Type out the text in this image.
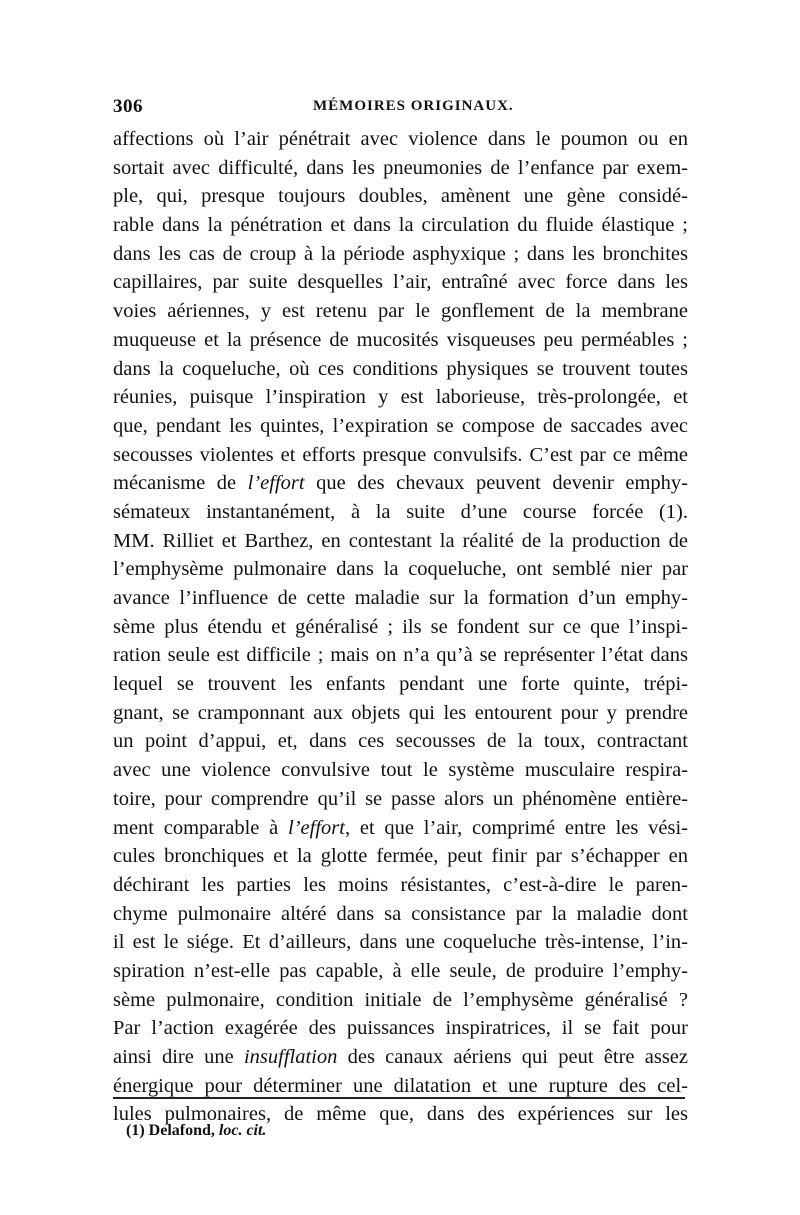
306	MÉMOIRES ORIGINAUX.
affections où l’air pénétrait avec violence dans le poumon ou en
sortait avec difficulté, dans les pneumonies de l’enfance par exem-
ple, qui, presque toujours doubles, amènent une gène considé-
rable dans la pénétration et dans la circulation du fluide élastique ;
dans les cas de croup à la période asphyxique ; dans les bronchites
capillaires, par suite desquelles l’air, entraîné avec force dans les
voies aériennes, y est retenu par le gonflement de la membrane
muqueuse et la présence de mucosités visqueuses peu perméables ;
dans la coqueluche, où ces conditions physiques se trouvent toutes
réunies, puisque l’inspiration y est laborieuse, très-prolongée, et
que, pendant les quintes, l’expiration se compose de saccades avec
secousses violentes et efforts presque convulsifs. C’est par ce même
mécanisme de l’effort que des chevaux peuvent devenir emphy-
sémateux instantanément, à la suite d’une course forcée (1).
MM. Rilliet et Barthez, en contestant la réalité de la production de
l’emphysème pulmonaire dans la coqueluche, ont semblé nier par
avance l’influence de cette maladie sur la formation d’un emphy-
sème plus étendu et généralisé ; ils se fondent sur ce que l’inspi-
ration seule est difficile ; mais on n’a qu’à se représenter l’état dans
lequel se trouvent les enfants pendant une forte quinte, trépi-
gnant, se cramponnant aux objets qui les entourent pour y prendre
un point d’appui, et, dans ces secousses de la toux, contractant
avec une violence convulsive tout le système musculaire respira-
toire, pour comprendre qu’il se passe alors un phénomène entière-
ment comparable à l’effort, et que l’air, comprimé entre les vési-
cules bronchiques et la glotte fermée, peut finir par s’échapper en
déchirant les parties les moins résistantes, c’est-à-dire le paren-
chyme pulmonaire altéré dans sa consistance par la maladie dont
il est le siége. Et d’ailleurs, dans une coqueluche très-intense, l’in-
spiration n’est-elle pas capable, à elle seule, de produire l’emphy-
sème pulmonaire, condition initiale de l’emphysème généralisé ?
Par l’action exagérée des puissances inspiratrices, il se fait pour
ainsi dire une insufflation des canaux aériens qui peut être assez
énergique pour déterminer une dilatation et une rupture des cel-
lules pulmonaires, de même que, dans des expériences sur les
(1) Delafond, loc. cit.
